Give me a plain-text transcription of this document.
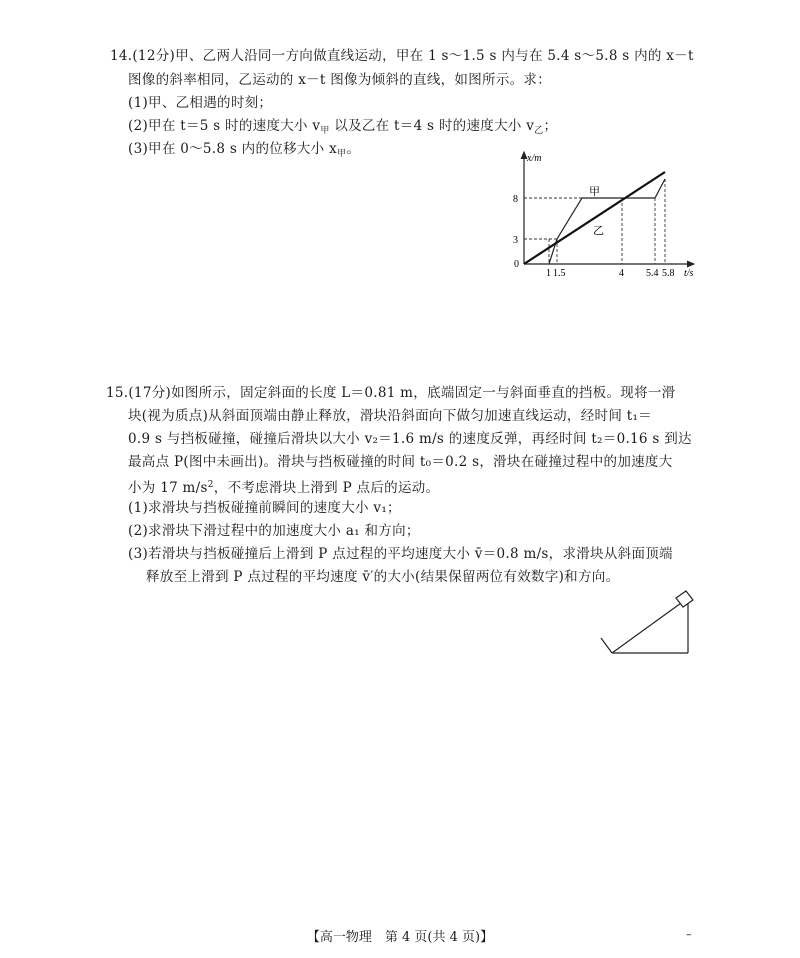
14.(12分)甲、乙两人沿同一方向做直线运动，甲在 1 s～1.5 s 内与在 5.4 s～5.8 s 内的 x－t
图像的斜率相同，乙运动的 x－t 图像为倾斜的直线，如图所示。求：
(1)甲、乙相遇的时刻；
(2)甲在 t＝5 s 时的速度大小 $v_甲$ 以及乙在 t＝4 s 时的速度大小 $v_乙$；
(3)甲在 0～5.8 s 内的位移大小 $x_甲$。
x/m
t/s
0
8
3
1 1.5	4 5.4 5.8
甲
乙
15.(17分)如图所示，固定斜面的长度 L＝0.81 m，底端固定一与斜面垂直的挡板。现将一滑
块(视为质点)从斜面顶端由静止释放，滑块沿斜面向下做匀加速直线运动，经时间 t₁＝
0.9 s 与挡板碰撞，碰撞后滑块以大小 v₂＝1.6 m/s 的速度反弹，再经时间 t₂＝0.16 s 到达
最高点 P(图中未画出)。滑块与挡板碰撞的时间 t₀＝0.2 s，滑块在碰撞过程中的加速度大
小为 17 $m/s^2$，不考虑滑块上滑到 P 点后的运动。
(1)求滑块与挡板碰撞前瞬间的速度大小 v₁；
(2)求滑块下滑过程中的加速度大小 a₁ 和方向；
(3)若滑块与挡板碰撞后上滑到 P 点过程的平均速度大小 v̄＝0.8 m/s，求滑块从斜面顶端
释放至上滑到 P 点过程的平均速度 v̄′的大小(结果保留两位有效数字)和方向。
【高一物理　第 4 页(共 4 页)】	–
